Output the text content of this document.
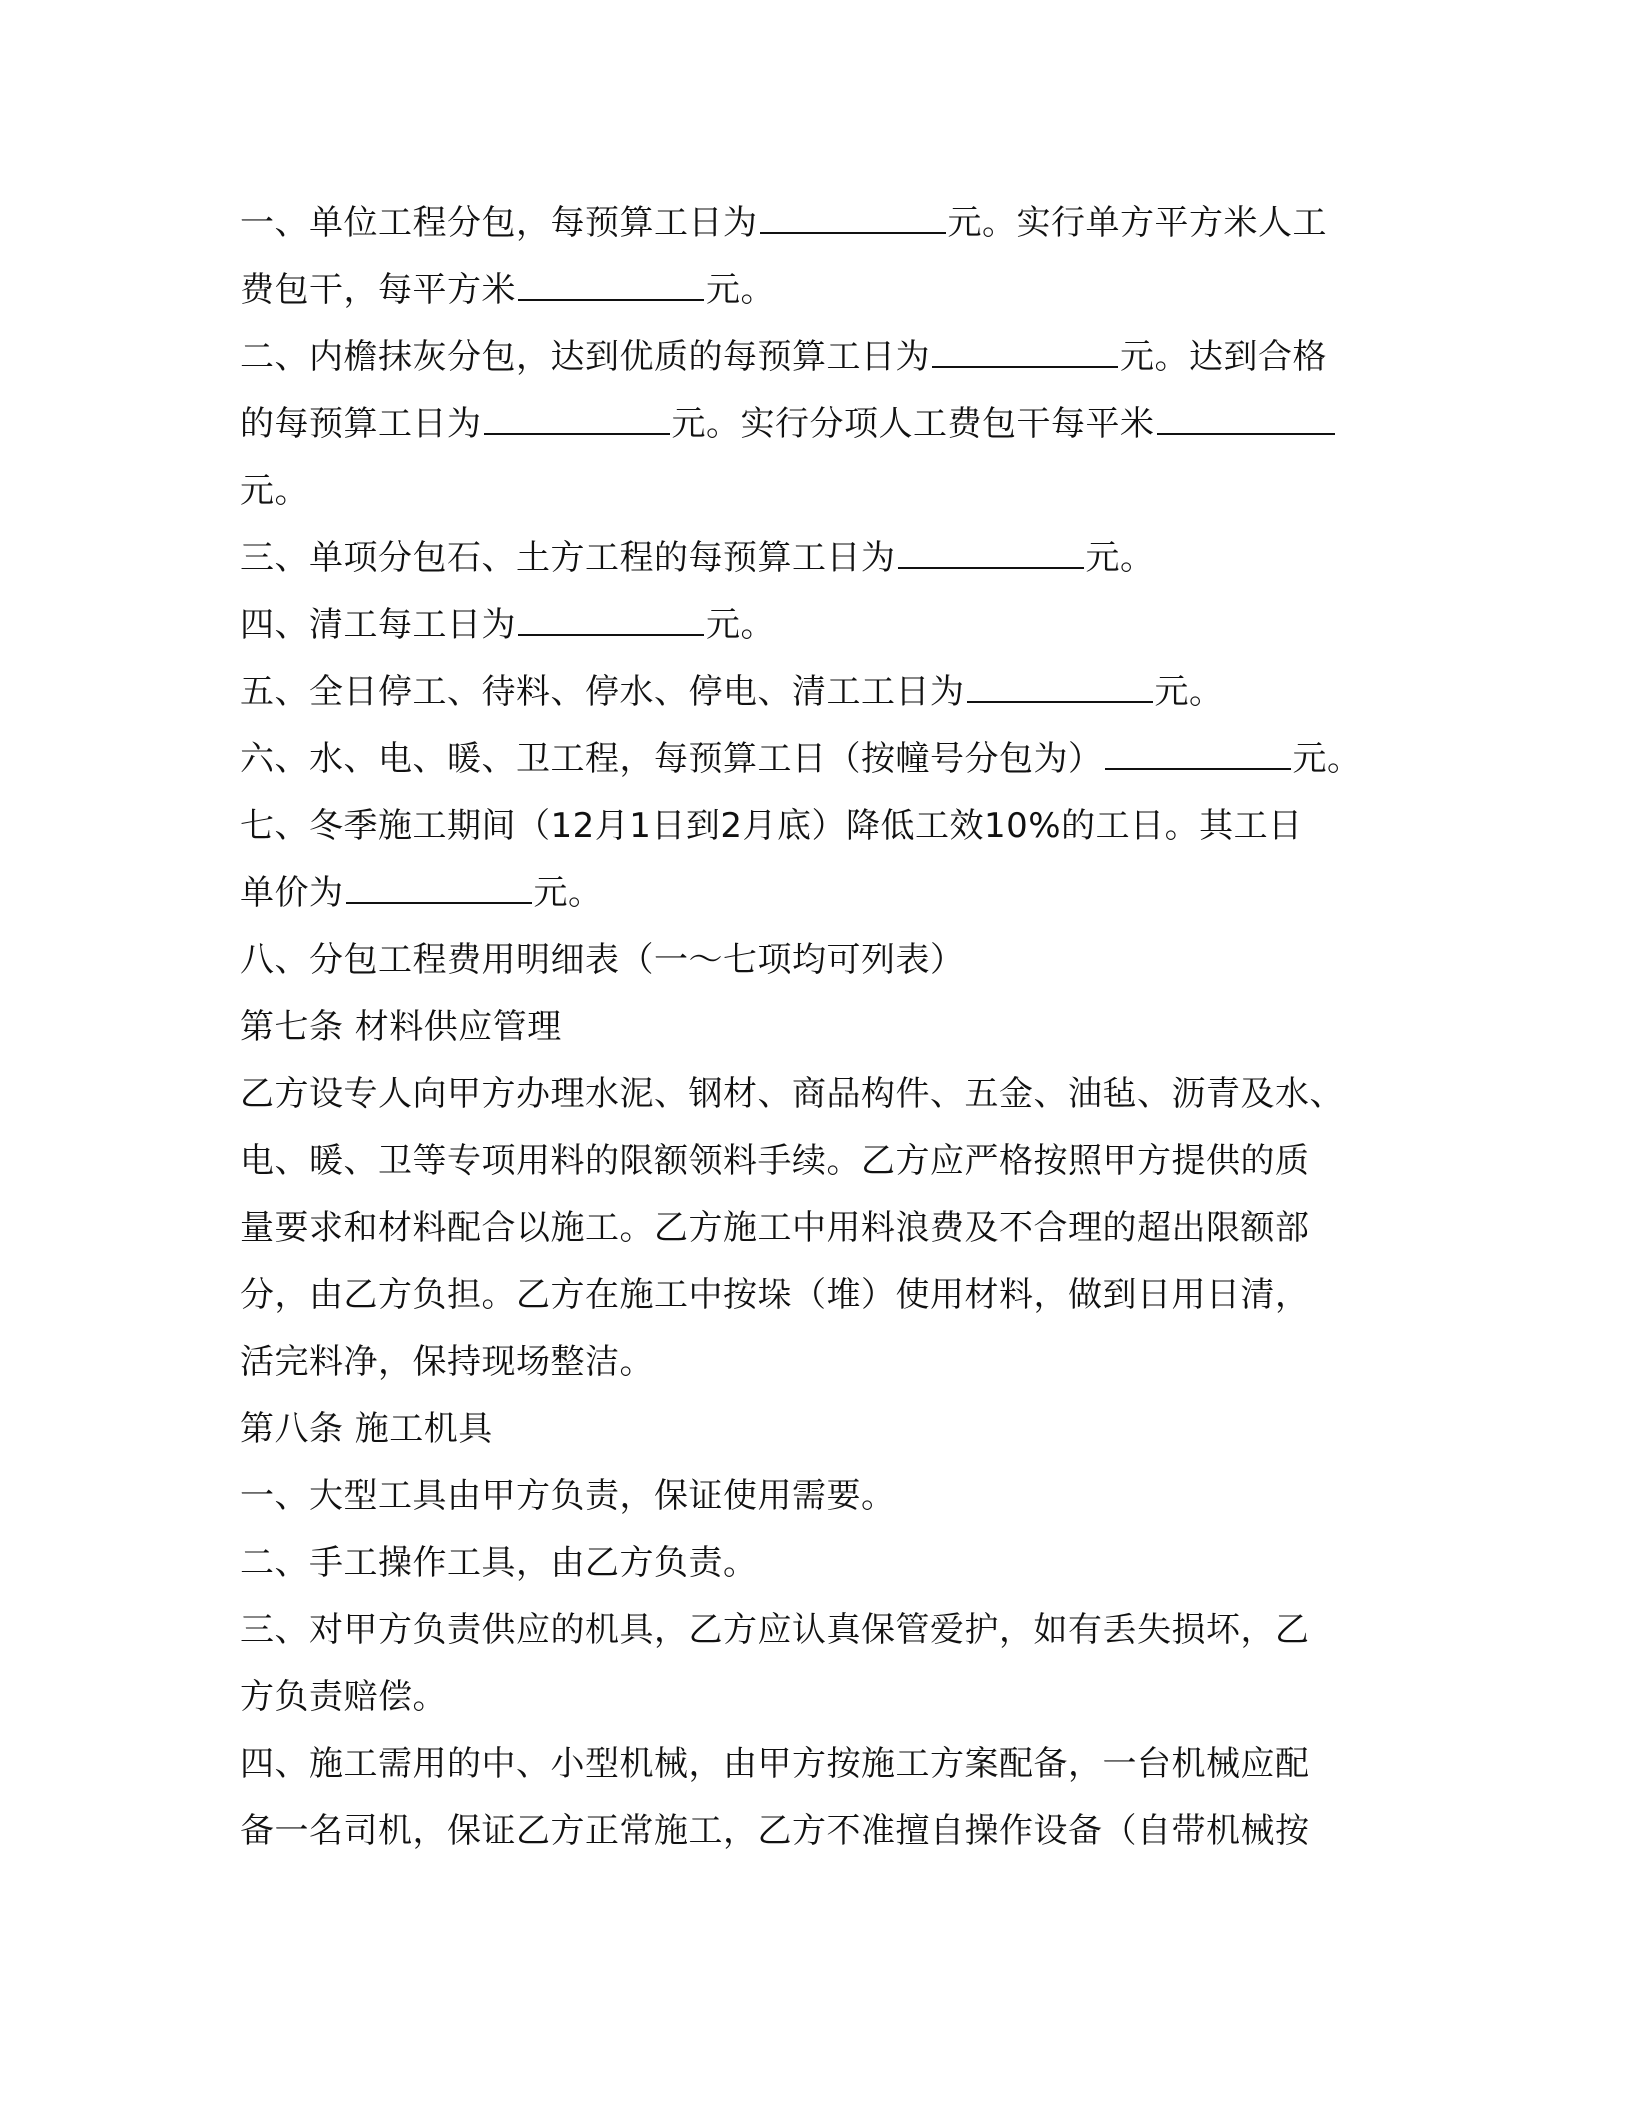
一、单位工程分包，每预算工日为	元。实行单方平方米人工
费包干，每平方米	元。
二、内檐抹灰分包，达到优质的每预算工日为	元。达到合格
的每预算工日为	元。实行分项人工费包干每平米
元。
三、单项分包石、土方工程的每预算工日为	元。
四、清工每工日为	元。
五、全日停工、待料、停水、停电、清工工日为	元。
六、水、电、暖、卫工程，每预算工日（按幢号分包为）	元。
七、冬季施工期间（12月1日到2月底）降低工效10%的工日。其工日
单价为	元。
八、分包工程费用明细表（一～七项均可列表）
第七条 材料供应管理
乙方设专人向甲方办理水泥、钢材、商品构件、五金、油毡、沥青及水、
电、暖、卫等专项用料的限额领料手续。乙方应严格按照甲方提供的质
量要求和材料配合以施工。乙方施工中用料浪费及不合理的超出限额部
分，由乙方负担。乙方在施工中按垛（堆）使用材料，做到日用日清，
活完料净，保持现场整洁。
第八条 施工机具
一、大型工具由甲方负责，保证使用需要。
二、手工操作工具，由乙方负责。
三、对甲方负责供应的机具，乙方应认真保管爱护，如有丢失损坏，乙
方负责赔偿。
四、施工需用的中、小型机械，由甲方按施工方案配备，一台机械应配
备一名司机，保证乙方正常施工，乙方不准擅自操作设备（自带机械按
